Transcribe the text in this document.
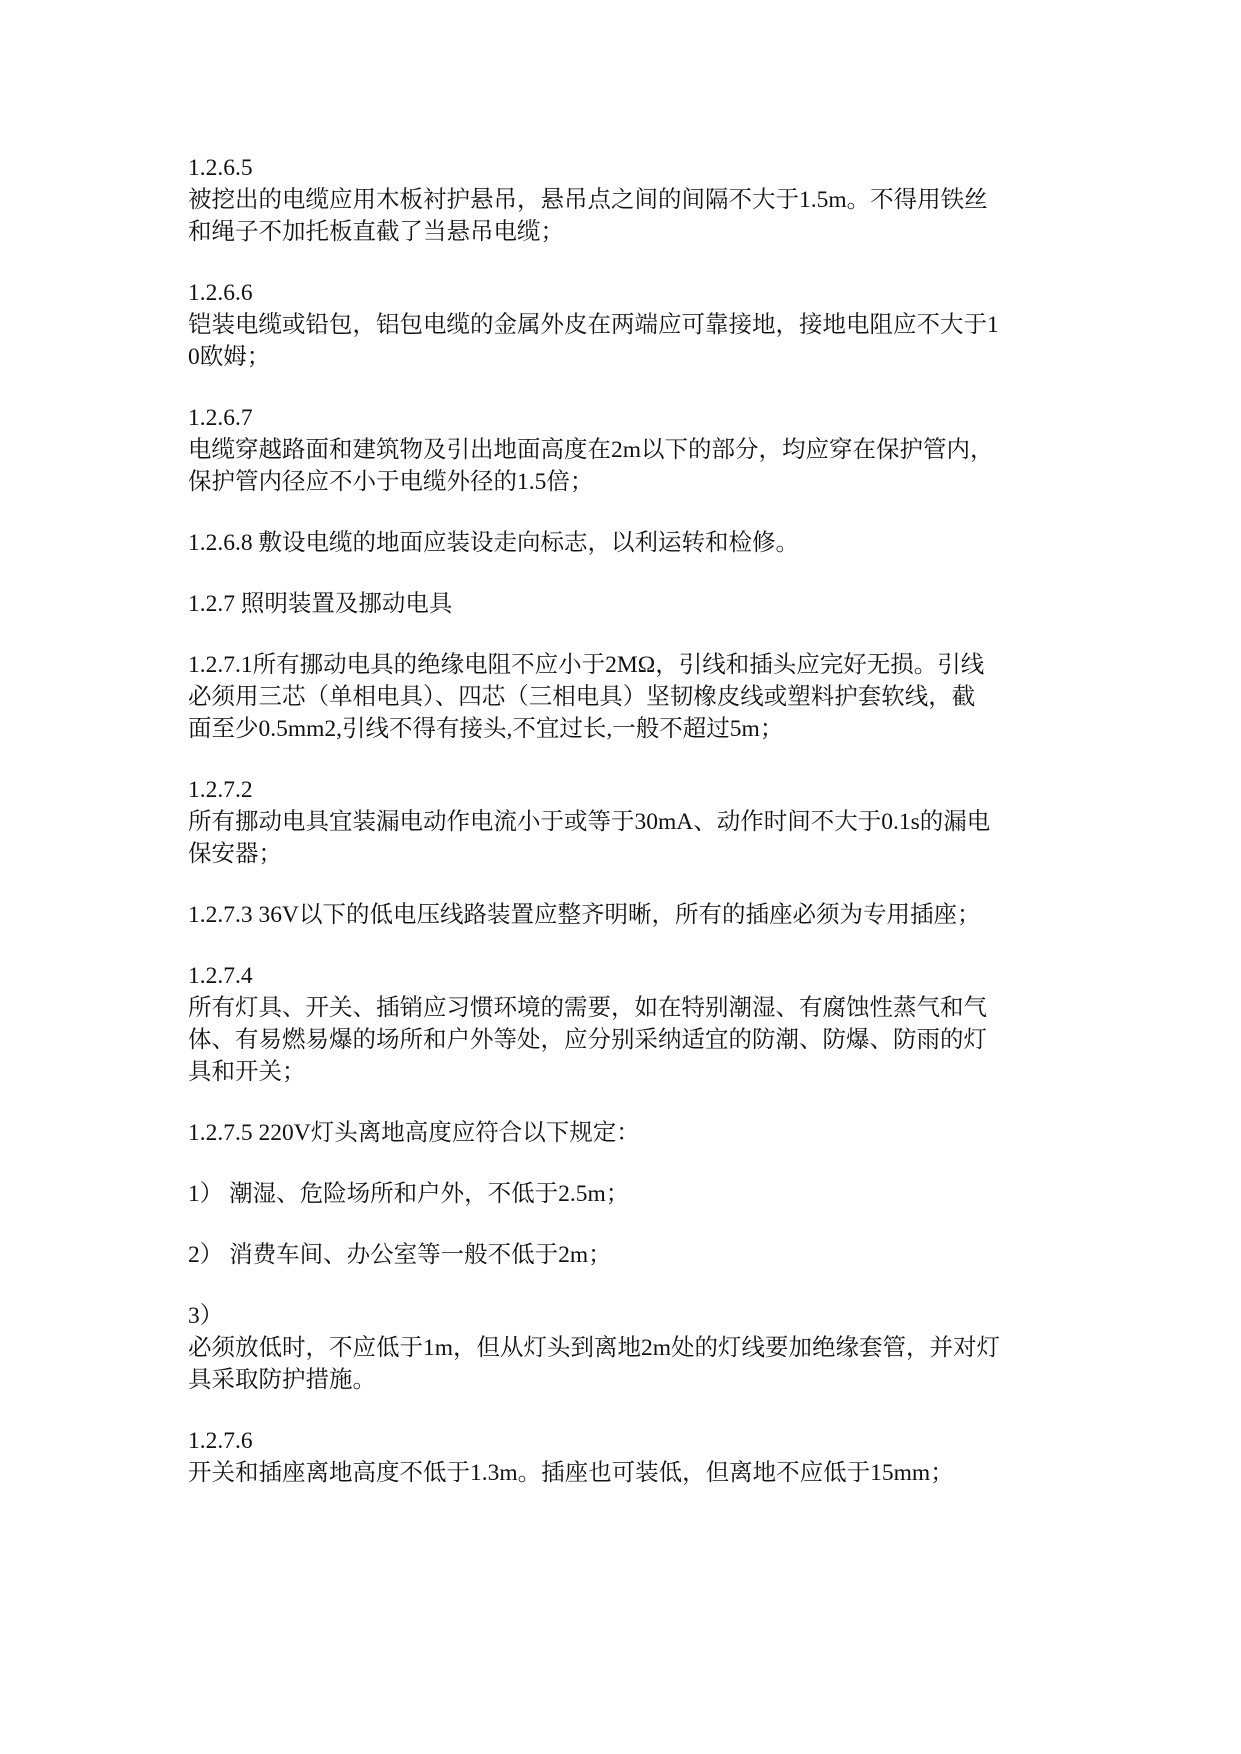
1.2.6.5
被挖出的电缆应用木板衬护悬吊，悬吊点之间的间隔不大于1.5m。不得用铁丝
和绳子不加托板直截了当悬吊电缆；
1.2.6.6
铠装电缆或铅包，铝包电缆的金属外皮在两端应可靠接地，接地电阻应不大于1
0欧姆；
1.2.6.7
电缆穿越路面和建筑物及引出地面高度在2m以下的部分，均应穿在保护管内，
保护管内径应不小于电缆外径的1.5倍；
1.2.6.8 敷设电缆的地面应装设走向标志，以利运转和检修。
1.2.7 照明装置及挪动电具
1.2.7.1所有挪动电具的绝缘电阻不应小于2MΩ，引线和插头应完好无损。引线
必须用三芯（单相电具）、四芯（三相电具）坚韧橡皮线或塑料护套软线，截
面至少0.5mm2,引线不得有接头,不宜过长,一般不超过5m；
1.2.7.2
所有挪动电具宜装漏电动作电流小于或等于30mA、动作时间不大于0.1s的漏电
保安器；
1.2.7.3 36V以下的低电压线路装置应整齐明晰，所有的插座必须为专用插座；
1.2.7.4
所有灯具、开关、插销应习惯环境的需要，如在特别潮湿、有腐蚀性蒸气和气
体、有易燃易爆的场所和户外等处，应分别采纳适宜的防潮、防爆、防雨的灯
具和开关；
1.2.7.5 220V灯头离地高度应符合以下规定：
1） 潮湿、危险场所和户外，不低于2.5m；
2） 消费车间、办公室等一般不低于2m；
3）
必须放低时，不应低于1m，但从灯头到离地2m处的灯线要加绝缘套管，并对灯
具采取防护措施。
1.2.7.6
开关和插座离地高度不低于1.3m。插座也可装低，但离地不应低于15mm；
